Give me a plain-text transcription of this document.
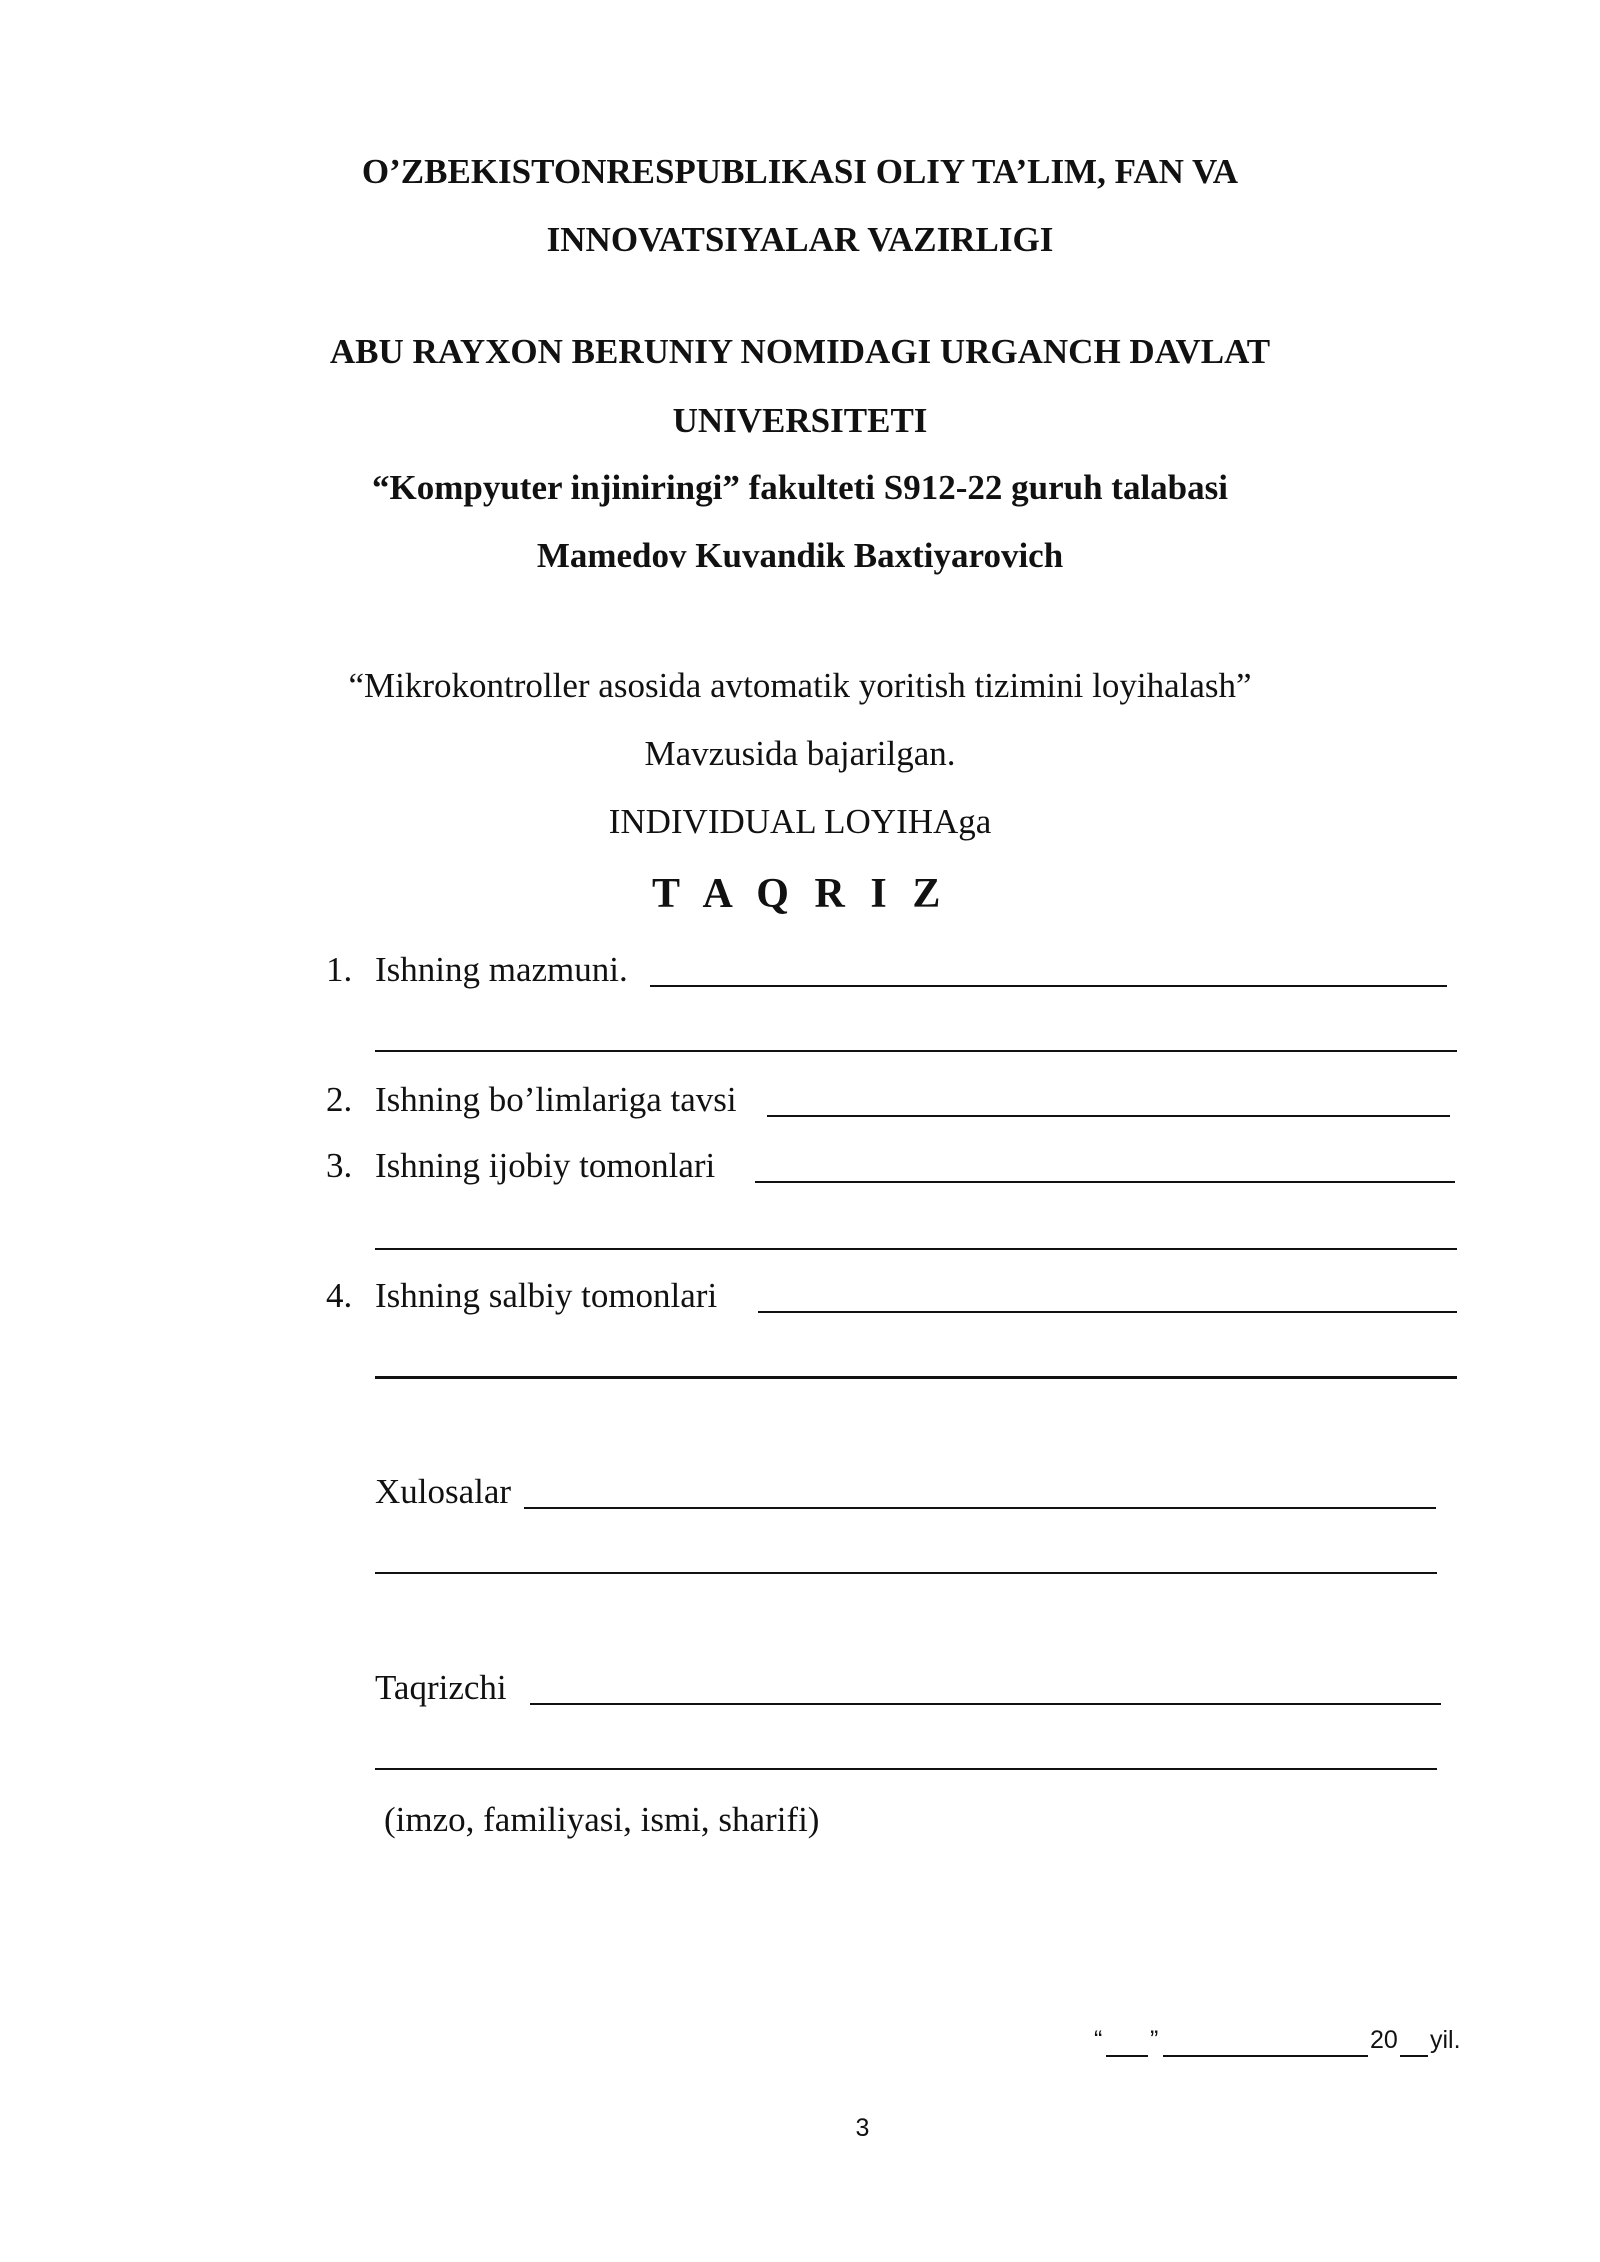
O’ZBEKISTONRESPUBLIKASI OLIY TA’LIM, FAN VA
INNOVATSIYALAR VAZIRLIGI
ABU RAYXON BERUNIY NOMIDAGI URGANCH DAVLAT
UNIVERSITETI
“Kompyuter injiniringi” fakulteti S912-22 guruh talabasi
Mamedov Kuvandik Baxtiyarovich
“Mikrokontroller asosida avtomatik yoritish tizimini loyihalash”
Mavzusida bajarilgan.
INDIVIDUAL LOYIHAga
T A Q R I Z
1. Ishning mazmuni.
2. Ishning bo’limlariga tavsi
3. Ishning ijobiy tomonlari
4. Ishning salbiy tomonlari
Xulosalar
Taqrizchi
(imzo, familiyasi, ismi, sharifi)
“ ”	20 yil.
3
